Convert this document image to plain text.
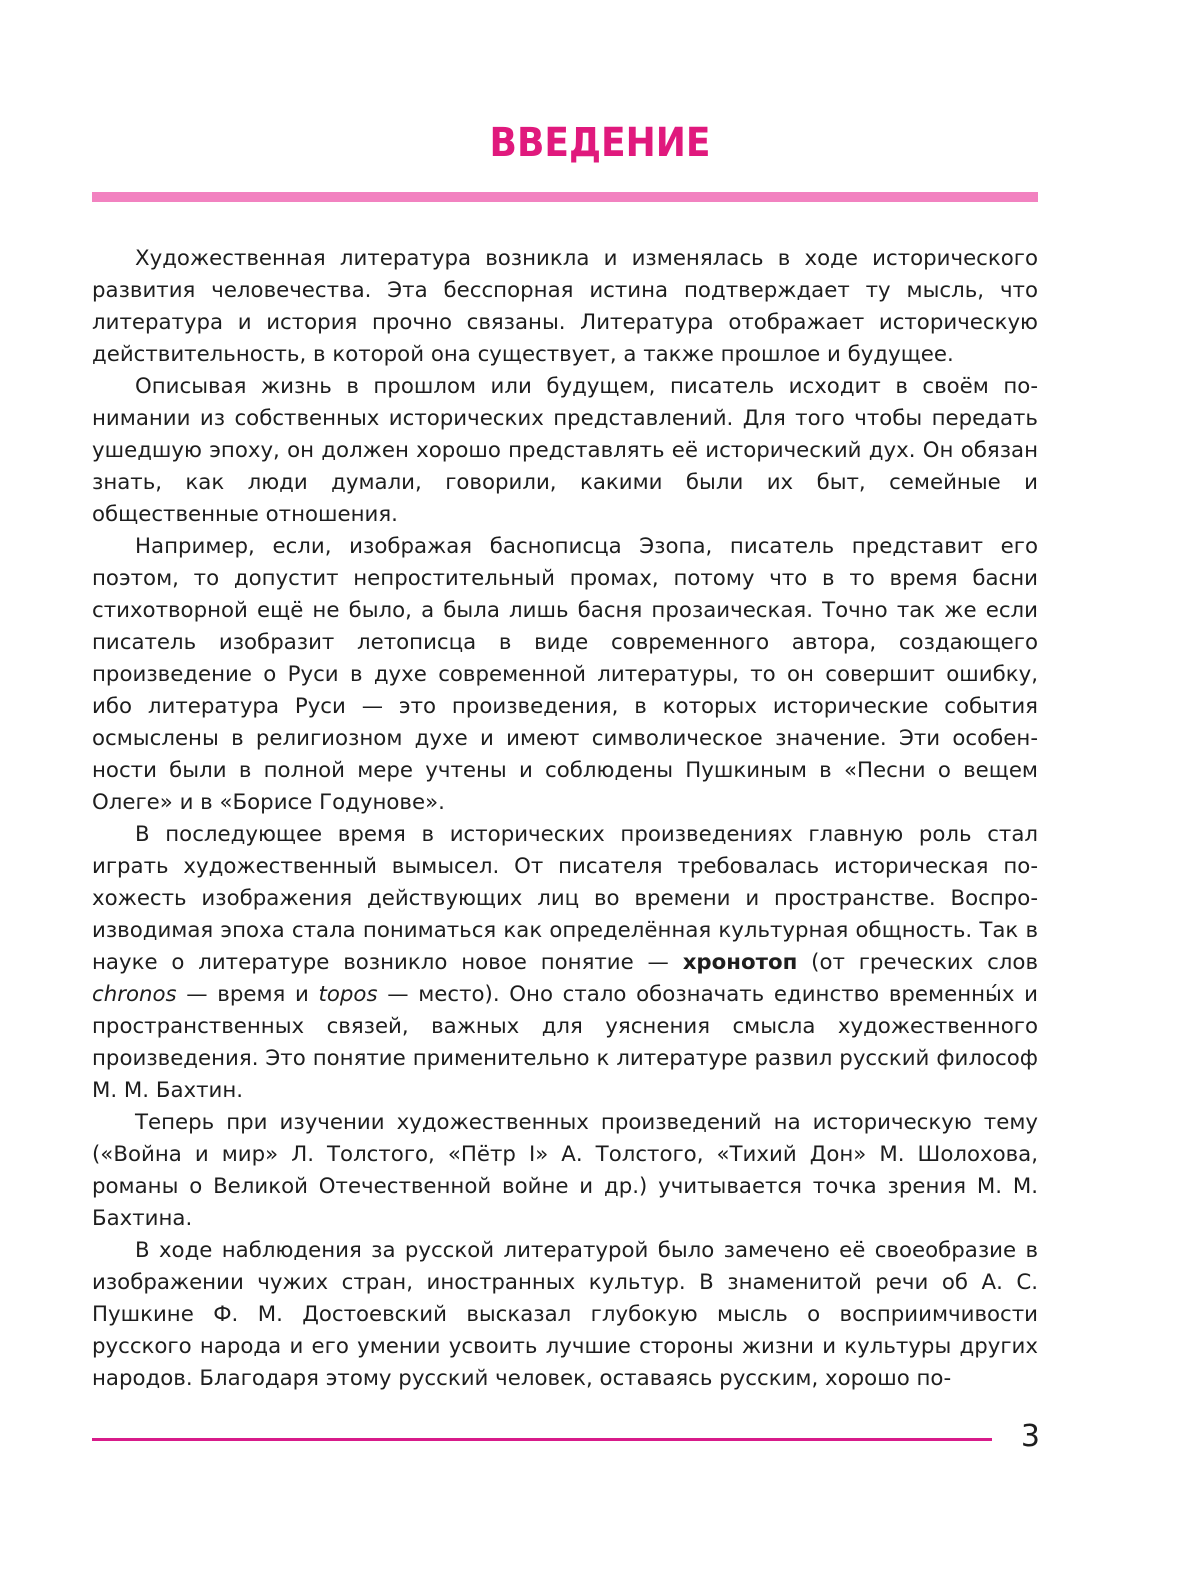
ВВЕДЕНИЕ

Художественная литература возникла и изменялась в ходе исторического развития человечества. Эта бесспорная истина подтверждает ту мысль, что литература и история прочно связаны. Литература отображает историческую действительность, в которой она существует, а также прошлое и будущее.

Описывая жизнь в прошлом или будущем, писатель исходит в своём понимании из собственных исторических представлений. Для того чтобы передать ушедшую эпоху, он должен хорошо представлять её исторический дух. Он обязан знать, как люди думали, говорили, какими были их быт, семейные и общественные отношения.

Например, если, изображая баснописца Эзопа, писатель представит его поэтом, то допустит непростительный промах, потому что в то время басни стихотворной ещё не было, а была лишь басня прозаическая. Точно так же если писатель изобразит летописца в виде современного автора, создающего произведение о Руси в духе современной литературы, то он совершит ошибку, ибо литература Руси — это произведения, в которых исторические события осмыслены в религиозном духе и имеют символическое значение. Эти особенности были в полной мере учтены и соблюдены Пушкиным в «Песни о вещем Олеге» и в «Борисе Годунове».

В последующее время в исторических произведениях главную роль стал играть художественный вымысел. От писателя требовалась историческая похожесть изображения действующих лиц во времени и пространстве. Воспроизводимая эпоха стала пониматься как определённая культурная общность. Так в науке о литературе возникло новое понятие — хронотоп (от греческих слов chronos — время и topos — место). Оно стало обозначать единство временны́х и пространственных связей, важных для уяснения смысла художественного произведения. Это понятие применительно к литературе развил русский философ М. М. Бахтин.

Теперь при изучении художественных произведений на историческую тему («Война и мир» Л. Толстого, «Пётр I» А. Толстого, «Тихий Дон» М. Шолохова, романы о Великой Отечественной войне и др.) учитывается точка зрения М. М. Бахтина.

В ходе наблюдения за русской литературой было замечено её своеобразие в изображении чужих стран, иностранных культур. В знаменитой речи об А. С. Пушкине Ф. М. Достоевский высказал глубокую мысль о восприимчивости русского народа и его умении усвоить лучшие стороны жизни и культуры других народов. Благодаря этому русский человек, оставаясь русским, хорошо по-

3
